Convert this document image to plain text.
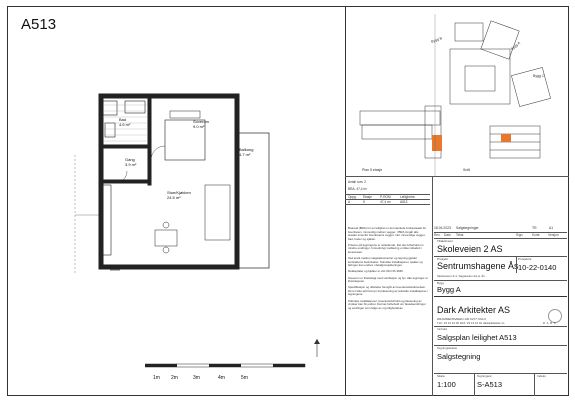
A513
Bad
4.6 m²
Soverom
9.0 m²
Gang
3.9 m²
Balkong
4.7 m²
Stue/Kjøkken
24.5 m²
1m 2m	3m	4m	5m
Bygg B
Bygg A
Bygg C
Plan 5.etasje	Snitt
Antall rom: 2
BRA: 47,4 m²
Oppg.	Etasje	P-ROM	Leilighetnr.
A	5	47,4 m²	A513

Boareal (BRA) for en leilighet er det samlede bruksarealet for boenheten, innvendig mellom vegger. I BRA inngår alle arealer innenfor boenhetens vegger, inkl. innvendige vegger, bad, boder og sjakter.

Prisene på tegningene er veiledende. Det tas forbehold om mindre endringer. Innredning/ møblering er ikke inkludert i leveransen.

Ved avvik mellom salgsdokumenter og tegning gjelder kontraktens beskrivelse. Tekniske installasjoner, sjakter og føringer kan endres i detaljprosjekteringen.

Dekkeplater og bjelker er vist ihht NS 3940.

Soverom er tilrettelagt med ventilasjon og lys. Alle tegninger er illustrasjoner.

Spesifikasjon og utførelse fremgår av leveransebeskrivelsen. Det er ikke tatt hensyn til plassering av tekniske installasjoner i tegningene.

Tekniske installasjoner, leveranseforhold og plassering av vinduer kan bli endret. Det tas forbehold om fasadeendringer og endringer som følge av myndighetskrav.

18.04.2023	Salgstegninger	TR	A1
Rev.	Dato	Tekst	Sign.	Kontr.	Versjon
Tiltakshaver
Skoleveien 2 AS
Prosjekt	Prosjektnr.
Sentrumshagene Ås 10-22-0140
Skoleveien 2-4, Sagaveien 2a-d, Ås
Bygg
Bygg A
Dark Arkitekter AS
DRAMMENSVEIEN 130 0277 OSLO
TLF: 23 13 12 00 FAX: 23 13 12 01 darkarkitekter.no	D A R K
Innhold
Salgsplan leilighet A513
Tegningsstatus
Salgstegning
Skala
1:100
Tegningsnr.
S-A513
Indeks
